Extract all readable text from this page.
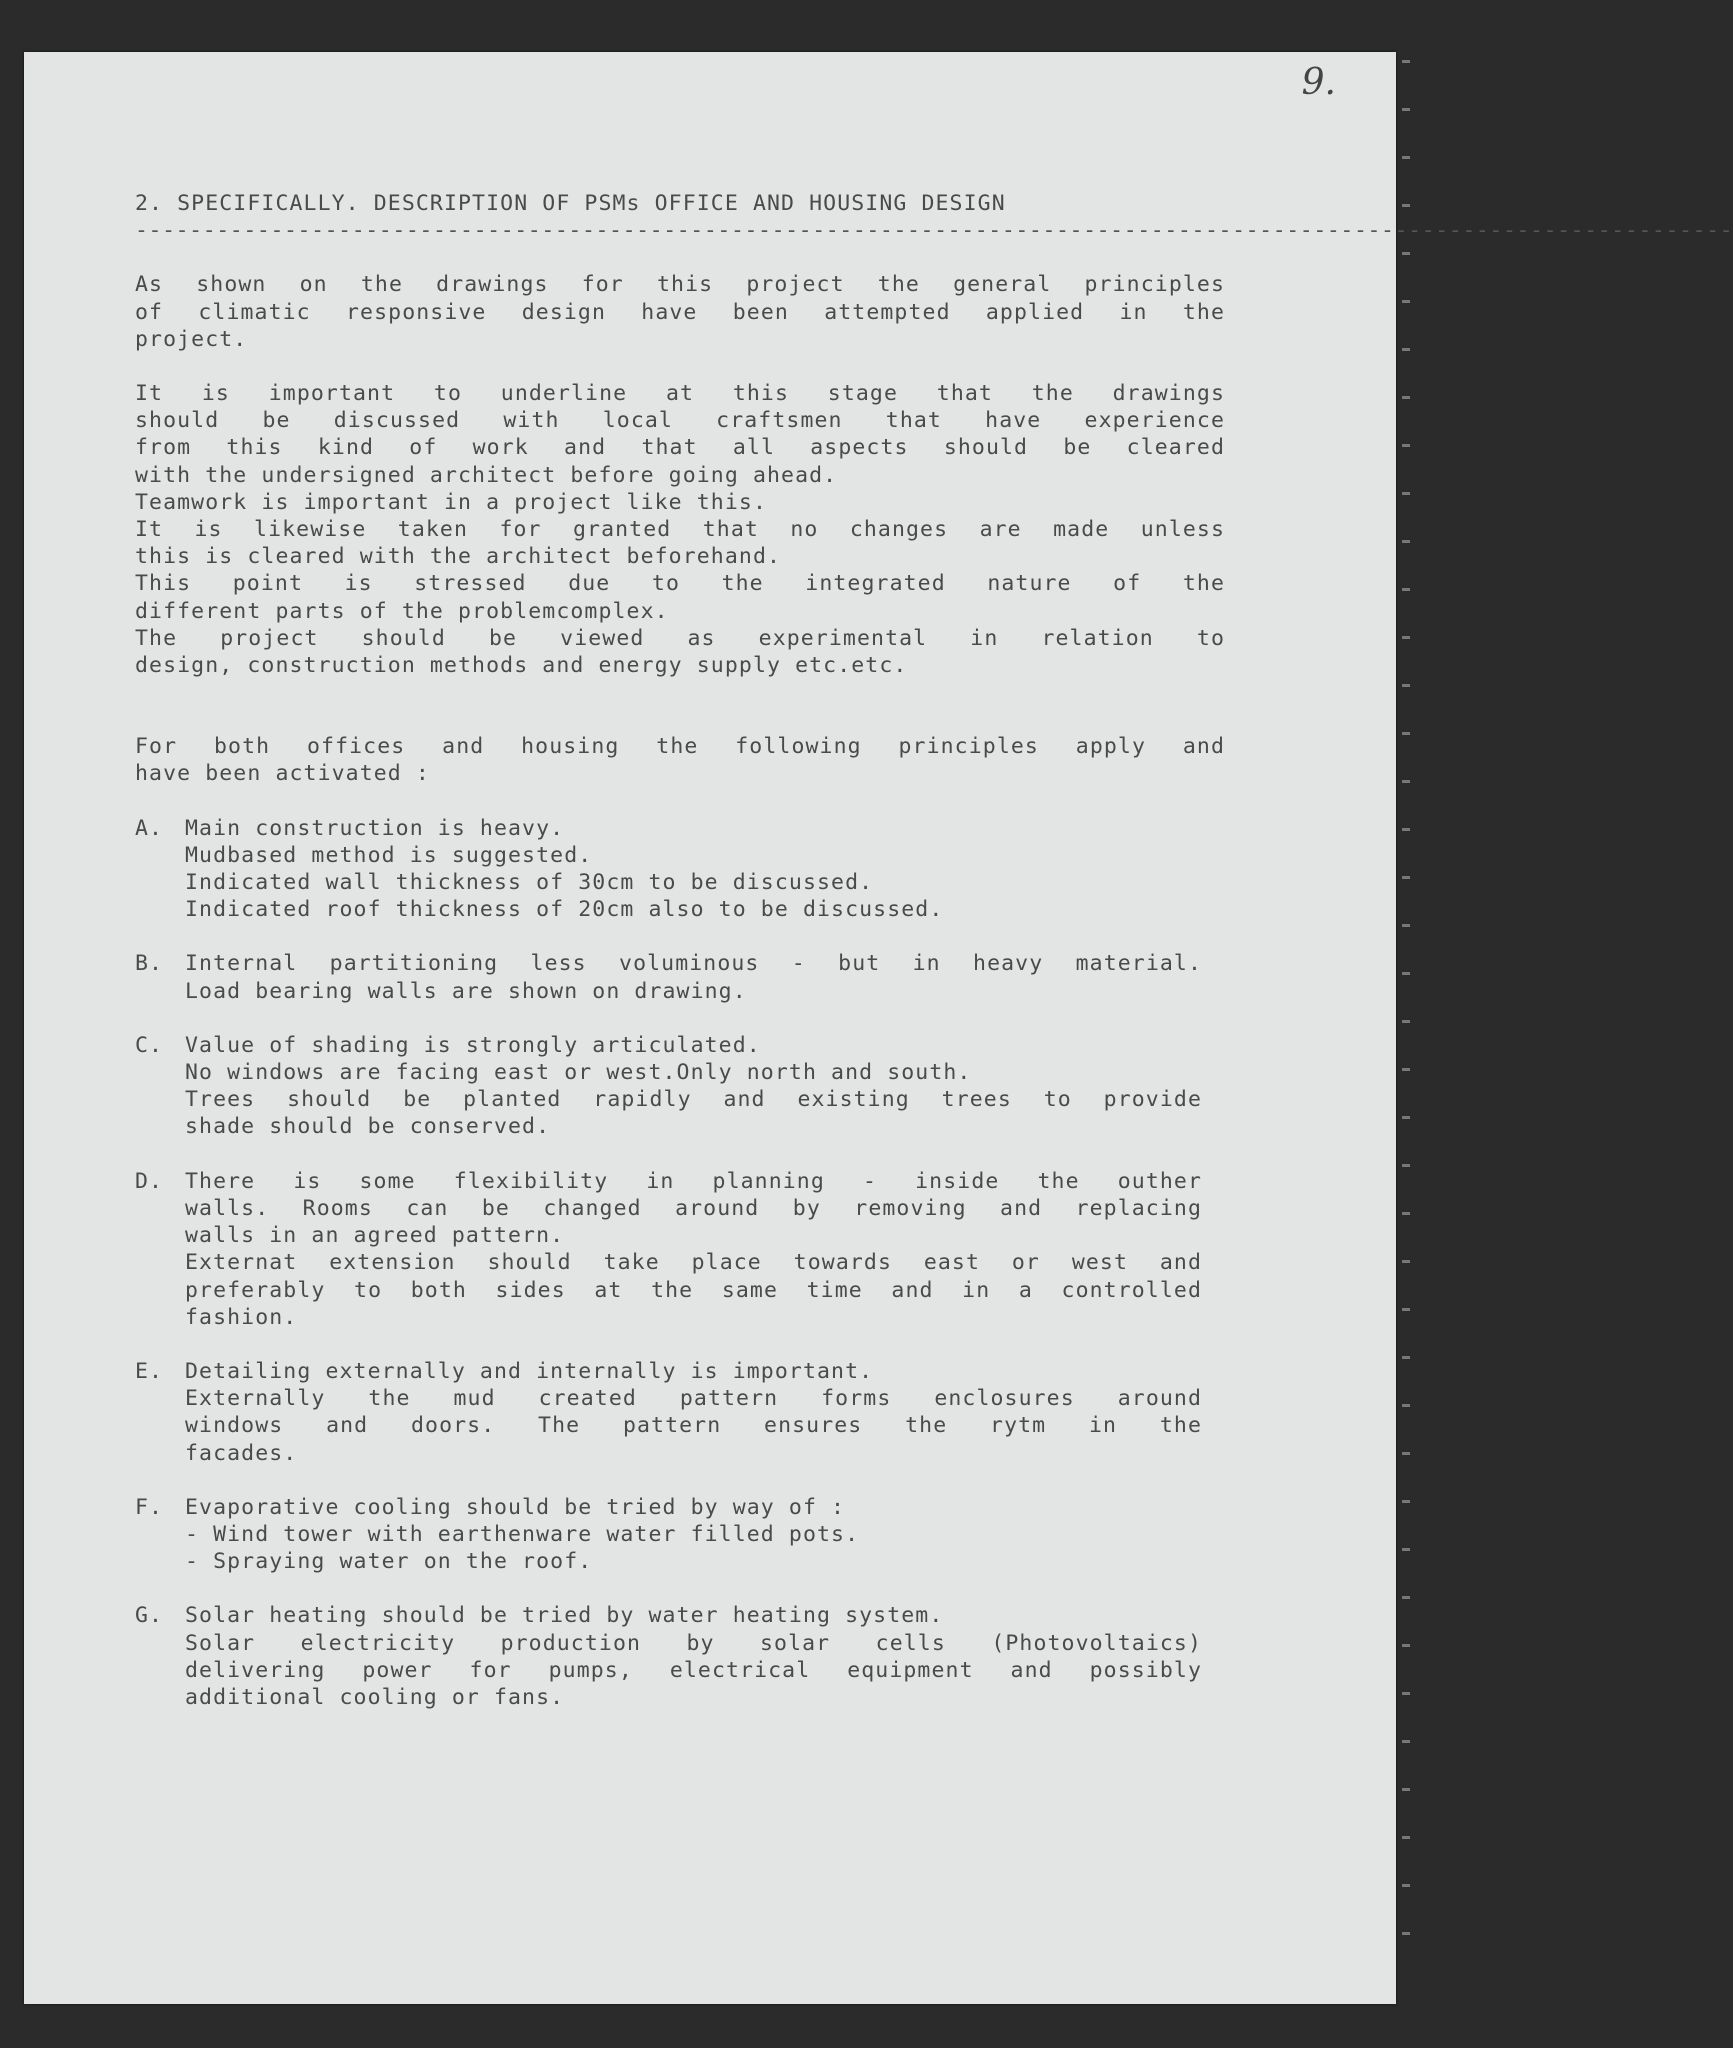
9.
2. SPECIFICALLY. DESCRIPTION OF PSMs OFFICE AND HOUSING DESIGN
----------------------------------------------------------------------------------------------------------------------
As shown on the drawings for this project the general principles
of climatic responsive design have been attempted applied in the
project.
It is important to underline at this stage that the drawings
should be discussed with local craftsmen that have experience
from this kind of work and that all aspects should be cleared
with the undersigned architect before going ahead.
Teamwork is important in a project like this.
It is likewise taken for granted that no changes are made unless
this is cleared with the architect beforehand.
This point is stressed due to the integrated nature of the
different parts of the problemcomplex.
The project should be viewed as experimental in relation to
design, construction methods and energy supply etc.etc.
For both offices and housing the following principles apply and
have been activated :
A.	Main construction is heavy.
Mudbased method is suggested.
Indicated wall thickness of 30cm to be discussed.
Indicated roof thickness of 20cm also to be discussed.
B.	Internal partitioning less voluminous - but in heavy material.
Load bearing walls are shown on drawing.
C.	Value of shading is strongly articulated.
No windows are facing east or west.Only north and south.
Trees should be planted rapidly and existing trees to provide
shade should be conserved.
D.	There is some flexibility in planning - inside the outher
walls. Rooms can be changed around by removing and replacing
walls in an agreed pattern.
Externat extension should take place towards east or west and
preferably to both sides at the same time and in a controlled
fashion.
E.	Detailing externally and internally is important.
Externally the mud created pattern forms enclosures around
windows and doors. The pattern ensures the rytm in the
facades.
F.	Evaporative cooling should be tried by way of :
- Wind tower with earthenware water filled pots.
- Spraying water on the roof.
G.	Solar heating should be tried by water heating system.
Solar electricity production by solar cells (Photovoltaics)
delivering power for pumps, electrical equipment and possibly
additional cooling or fans.
